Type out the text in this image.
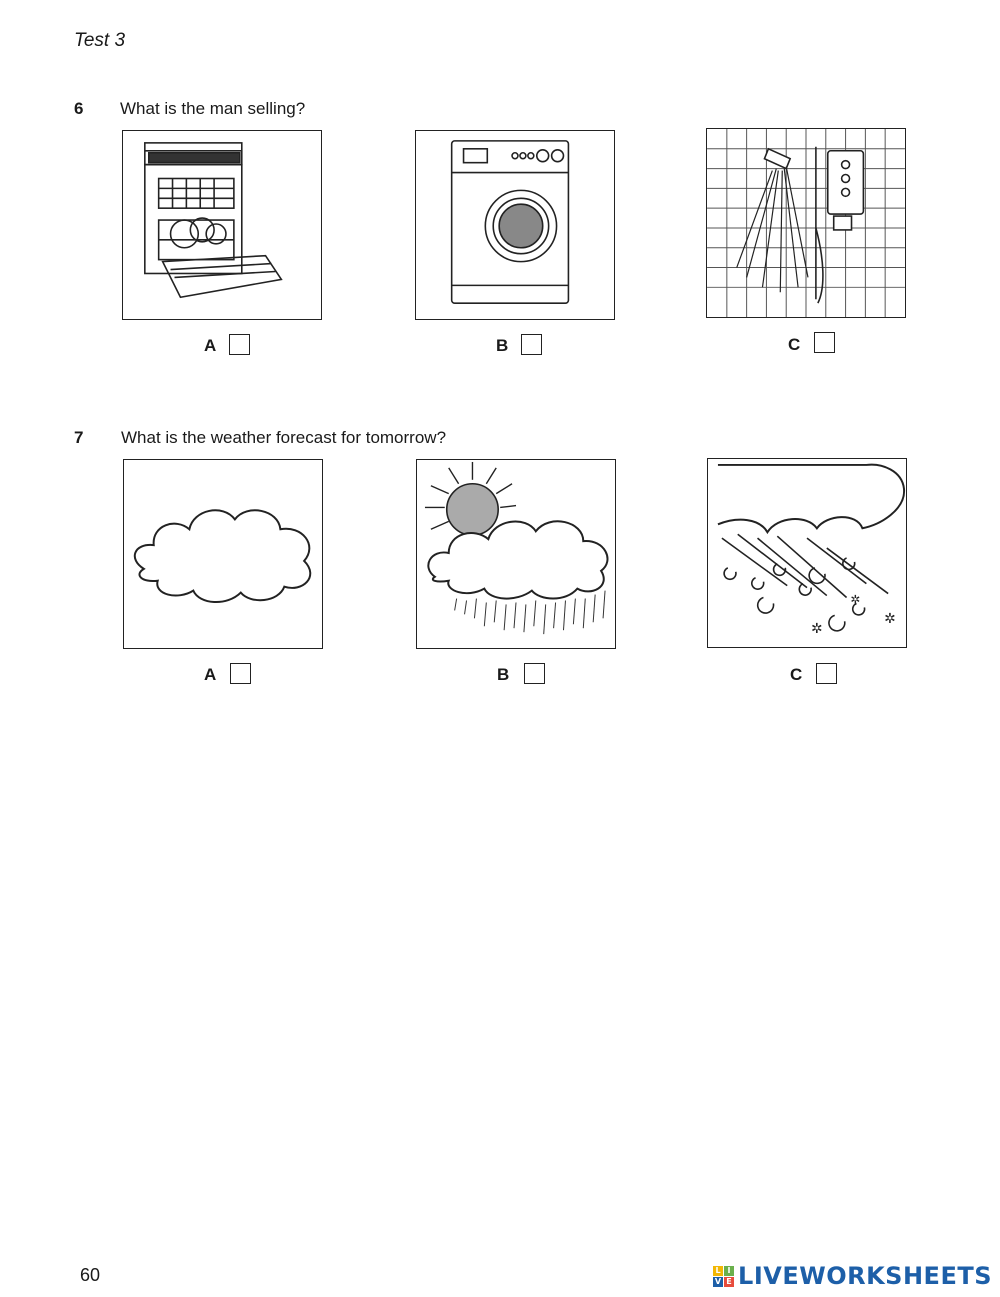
Test 3
6 What is the man selling?
A	B	C
7 What is the weather forecast for tomorrow?
A	B
✲
✲
✲
C
60	L I
V E LIVEWORKSHEETS
